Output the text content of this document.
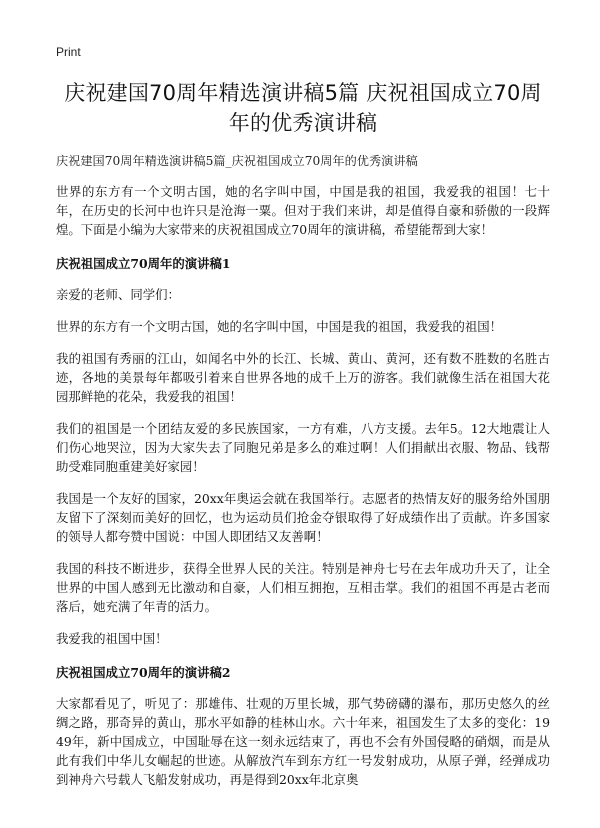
Print
庆祝建国70周年精选演讲稿5篇 庆祝祖国成立70周年的优秀演讲稿
庆祝建国70周年精选演讲稿5篇_庆祝祖国成立70周年的优秀演讲稿

世界的东方有一个文明古国，她的名字叫中国，中国是我的祖国，我爱我的祖国！七十年，在历史的长河中也许只是沧海一粟。但对于我们来讲，却是值得自豪和骄傲的一段辉煌。下面是小编为大家带来的庆祝祖国成立70周年的演讲稿，希望能帮到大家！

庆祝祖国成立70周年的演讲稿1

亲爱的老师、同学们：

世界的东方有一个文明古国，她的名字叫中国，中国是我的祖国，我爱我的祖国！

我的祖国有秀丽的江山，如闻名中外的长江、长城、黄山、黄河，还有数不胜数的名胜古迹，各地的美景每年都吸引着来自世界各地的成千上万的游客。我们就像生活在祖国大花园那鲜艳的花朵，我爱我的祖国！

我们的祖国是一个团结友爱的多民族国家，一方有难，八方支援。去年5。12大地震让人们伤心地哭泣，因为大家失去了同胞兄弟是多么的难过啊！人们捐献出衣服、物品、钱帮助受难同胞重建美好家园！

我国是一个友好的国家，20xx年奥运会就在我国举行。志愿者的热情友好的服务给外国朋友留下了深刻而美好的回忆，也为运动员们抢金夺银取得了好成绩作出了贡献。许多国家的领导人都夸赞中国说：中国人即团结又友善啊！

我国的科技不断进步，获得全世界人民的关注。特别是神舟七号在去年成功升天了，让全世界的中国人感到无比激动和自豪，人们相互拥抱，互相击掌。我们的祖国不再是古老而落后，她充满了年青的活力。

我爱我的祖国中国！

庆祝祖国成立70周年的演讲稿2

大家都看见了，听见了：那雄伟、壮观的万里长城，那气势磅礴的瀑布，那历史悠久的丝绸之路，那奇异的黄山，那水平如静的桂林山水。六十年来，祖国发生了太多的变化：1949年，新中国成立，中国耻辱在这一刻永远结束了，再也不会有外国侵略的硝烟，而是从此有我们中华儿女崛起的世迹。从解放汽车到东方红一号发射成功，从原子弹，经弹成功到神舟六号载人飞船发射成功，再是得到20xx年北京奥
